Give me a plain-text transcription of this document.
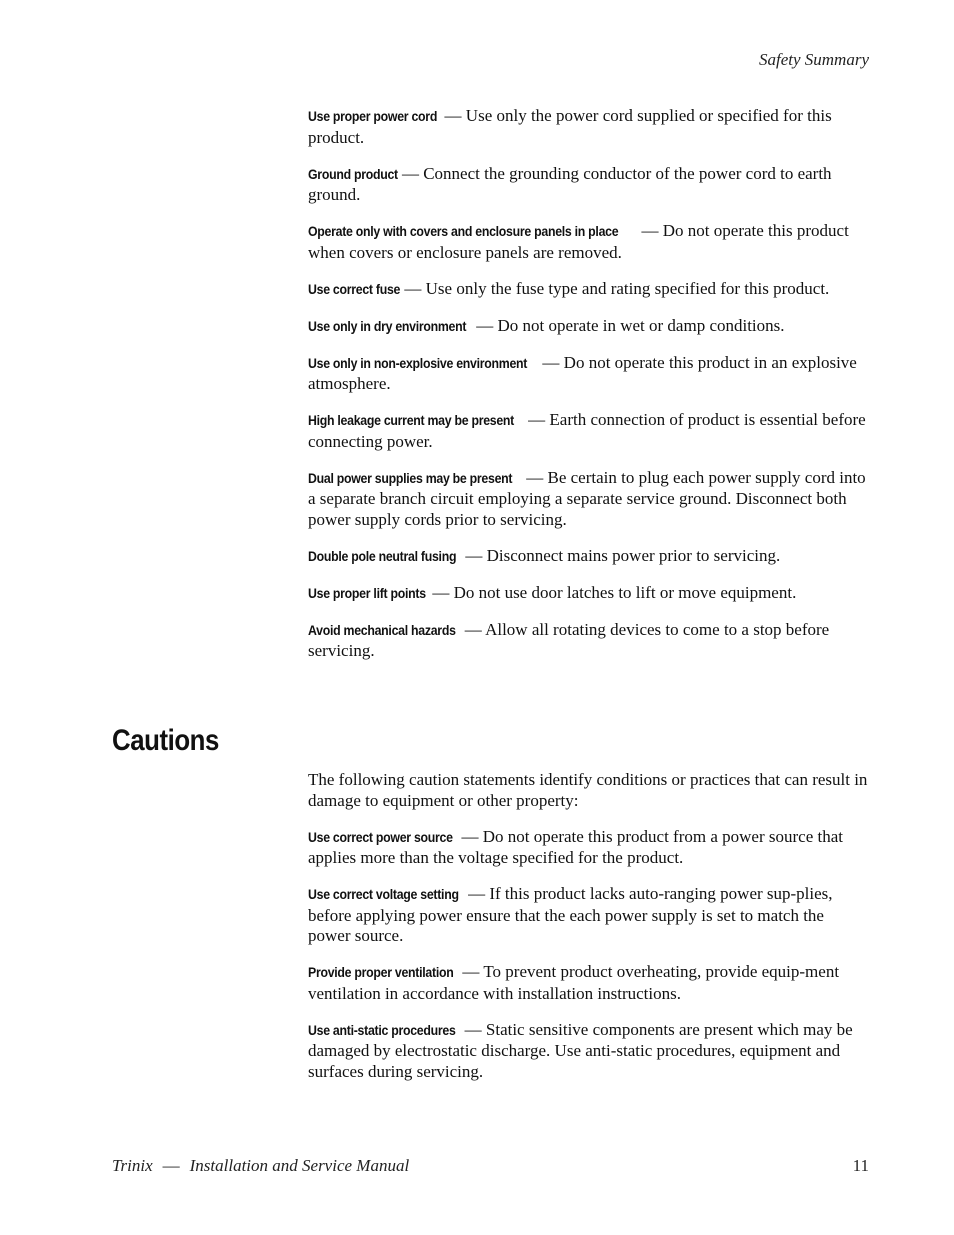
Safety Summary

Use proper power cord — Use only the power cord supplied or specified for this product.

Ground product — Connect the grounding conductor of the power cord to earth ground.

Operate only with covers and enclosure panels in place — Do not operate this product when covers or enclosure panels are removed.

Use correct fuse — Use only the fuse type and rating specified for this product.

Use only in dry environment — Do not operate in wet or damp conditions.

Use only in non-explosive environment — Do not operate this product in an explosive atmosphere.

High leakage current may be present — Earth connection of product is essential before connecting power.

Dual power supplies may be present — Be certain to plug each power supply cord into a separate branch circuit employing a separate service ground. Disconnect both power supply cords prior to servicing.

Double pole neutral fusing — Disconnect mains power prior to servicing.

Use proper lift points — Do not use door latches to lift or move equipment.

Avoid mechanical hazards — Allow all rotating devices to come to a stop before servicing.

Cautions

The following caution statements identify conditions or practices that can result in damage to equipment or other property:

Use correct power source — Do not operate this product from a power source that applies more than the voltage specified for the product.

Use correct voltage setting — If this product lacks auto-ranging power sup-plies, before applying power ensure that the each power supply is set to match the power source.

Provide proper ventilation — To prevent product overheating, provide equip-ment ventilation in accordance with installation instructions.

Use anti-static procedures — Static sensitive components are present which may be damaged by electrostatic discharge. Use anti-static procedures, equipment and surfaces during servicing.

Trinix — Installation and Service Manual	11
